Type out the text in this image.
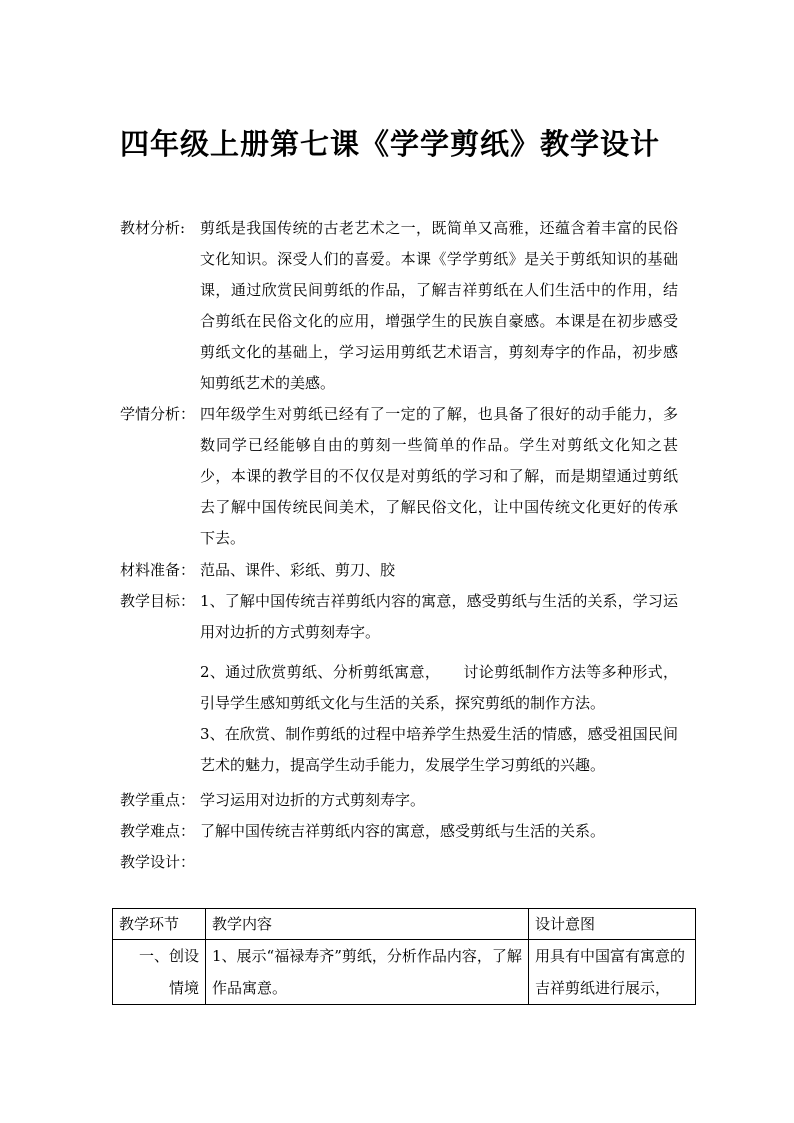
四年级上册第七课《学学剪纸》教学设计
教材分析: 剪纸是我国传统的古老艺术之一，既简单又高雅，还蕴含着丰富的民俗文化知识。深受人们的喜爱。本课《学学剪纸》是关于剪纸知识的基础课，通过欣赏民间剪纸的作品，了解吉祥剪纸在人们生活中的作用，结合剪纸在民俗文化的应用，增强学生的民族自豪感。本课是在初步感受剪纸文化的基础上，学习运用剪纸艺术语言，剪刻寿字的作品，初步感知剪纸艺术的美感。
学情分析： 四年级学生对剪纸已经有了一定的了解，也具备了很好的动手能力，多数同学已经能够自由的剪刻一些简单的作品。学生对剪纸文化知之甚少，本课的教学目的不仅仅是对剪纸的学习和了解，而是期望通过剪纸去了解中国传统民间美术，了解民俗文化，让中国传统文化更好的传承下去。
材料准备： 范品、课件、彩纸、剪刀、胶
教学目标： 1、了解中国传统吉祥剪纸内容的寓意，感受剪纸与生活的关系，学习运用对边折的方式剪刻寿字。

2、通过欣赏剪纸、分析剪纸寓意，　　讨论剪纸制作方法等多种形式，引导学生感知剪纸文化与生活的关系，探究剪纸的制作方法。

3、在欣赏、制作剪纸的过程中培养学生热爱生活的情感，感受祖国民间艺术的魅力，提高学生动手能力，发展学生学习剪纸的兴趣。

教学重点： 学习运用对边折的方式剪刻寿字。
教学难点： 了解中国传统吉祥剪纸内容的寓意，感受剪纸与生活的关系。
教学设计：
教学环节	教学内容	设计意图

一、创设
情境	1、展示“福禄寿齐”剪纸，分析作品内容，了解作品寓意。	用具有中国富有寓意的吉祥剪纸进行展示，
